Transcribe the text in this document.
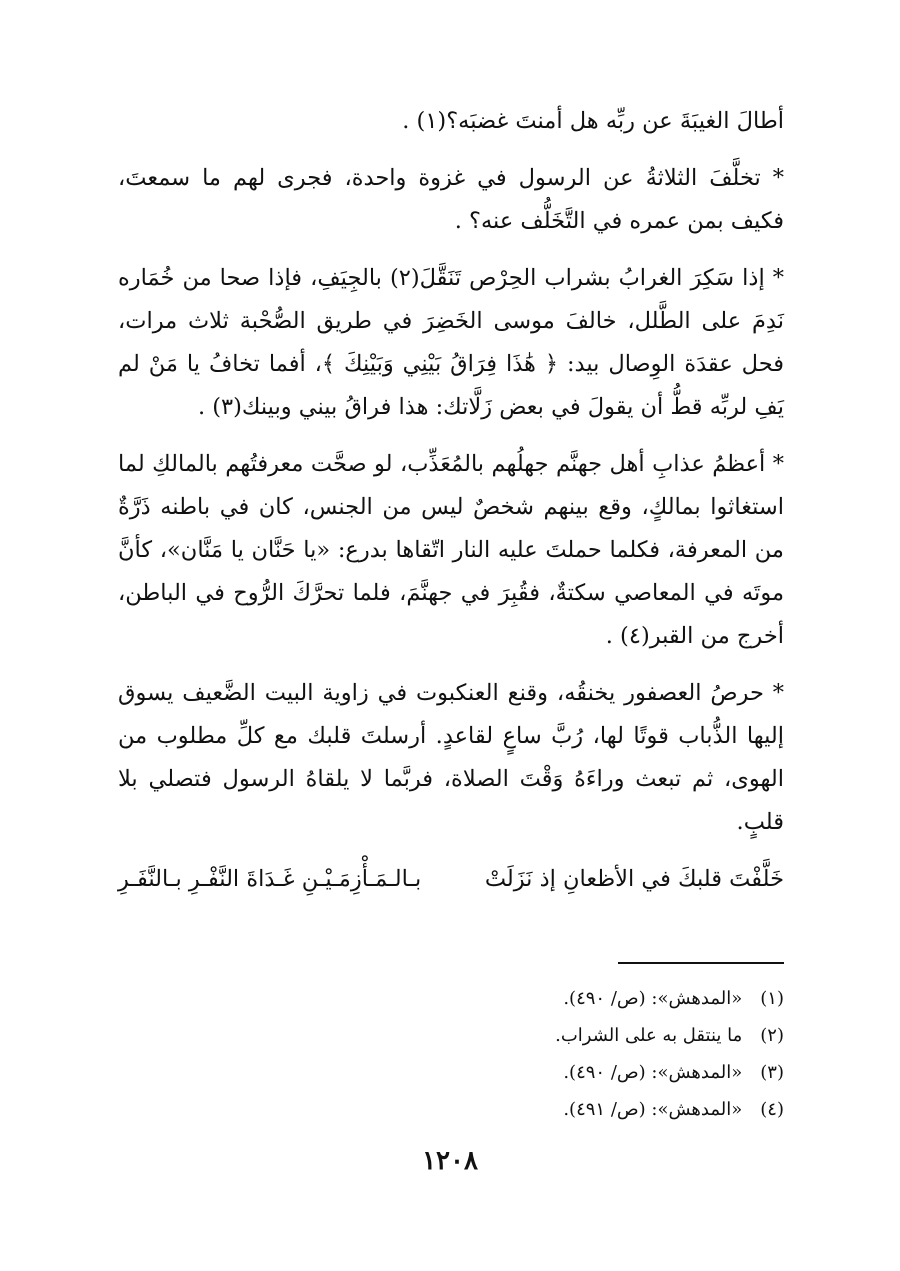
أطالَ الغيبَةَ عن ربِّه هل أمنتَ غضبَه؟(١) .

* تخلَّفَ الثلاثةُ عن الرسول في غزوة واحدة، فجرى لهم ما سمعتَ، فكيف بمن عمره في التَّخَلُّف عنه؟ .

* إذا سَكِرَ الغرابُ بشراب الحِرْص تَنَقَّلَ(٢) بالجِيَفِ، فإذا صحا من خُمَاره نَدِمَ على الطَّلل، خالفَ موسى الخَضِرَ في طريق الصُّحْبة ثلاث مرات، فحل عقدَة الوِصال بيد: ﴿ هَٰذَا فِرَاقُ بَيْنِي وَبَيْنِكَ ﴾، أفما تخافُ يا مَنْ لم يَفِ لربِّه قطُّ أن يقولَ في بعض زَلَّاتك: هذا فراقُ بيني وبينك(٣) .

* أعظمُ عذابِ أهل جهنَّم جهلُهم بالمُعَذِّب، لو صحَّت معرفتُهم بالمالكِ لما استغاثوا بمالكٍ، وقع بينهم شخصٌ ليس من الجنس، كان في باطنه ذَرَّةٌ من المعرفة، فكلما حملتَ عليه النار اتّقاها بدرع: «يا حَنَّان يا مَنَّان»، كأنَّ موتَه في المعاصي سكتةٌ، فقُبِرَ في جهنَّمَ، فلما تحرَّكَ الرُّوح في الباطن، أخرج من القبر(٤) .

* حرصُ العصفور يخنقُه، وقنع العنكبوت في زاوية البيت الضَّعيف يسوق إليها الذُّباب قوتًا لها، رُبَّ ساعٍ لقاعدٍ. أرسلتَ قلبك مع كلِّ مطلوب من الهوى، ثم تبعث وراءَهُ وَقْتَ الصلاة، فربَّما لا يلقاهُ الرسول فتصلي بلا قلبٍ.

خَلَّفْتَ قلبكَ في الأظعانِ إذ نَزَلَتْ
بـالـمَـأْزِمَـيْـنِ غَـدَاةَ النَّفْـرِ بـالنَّفَـرِ
(١) «المدهش»: (ص/ ٤٩٠).
(٢) ما ينتقل به على الشراب.
(٣) «المدهش»: (ص/ ٤٩٠).
(٤) «المدهش»: (ص/ ٤٩١).
١٢٠٨
